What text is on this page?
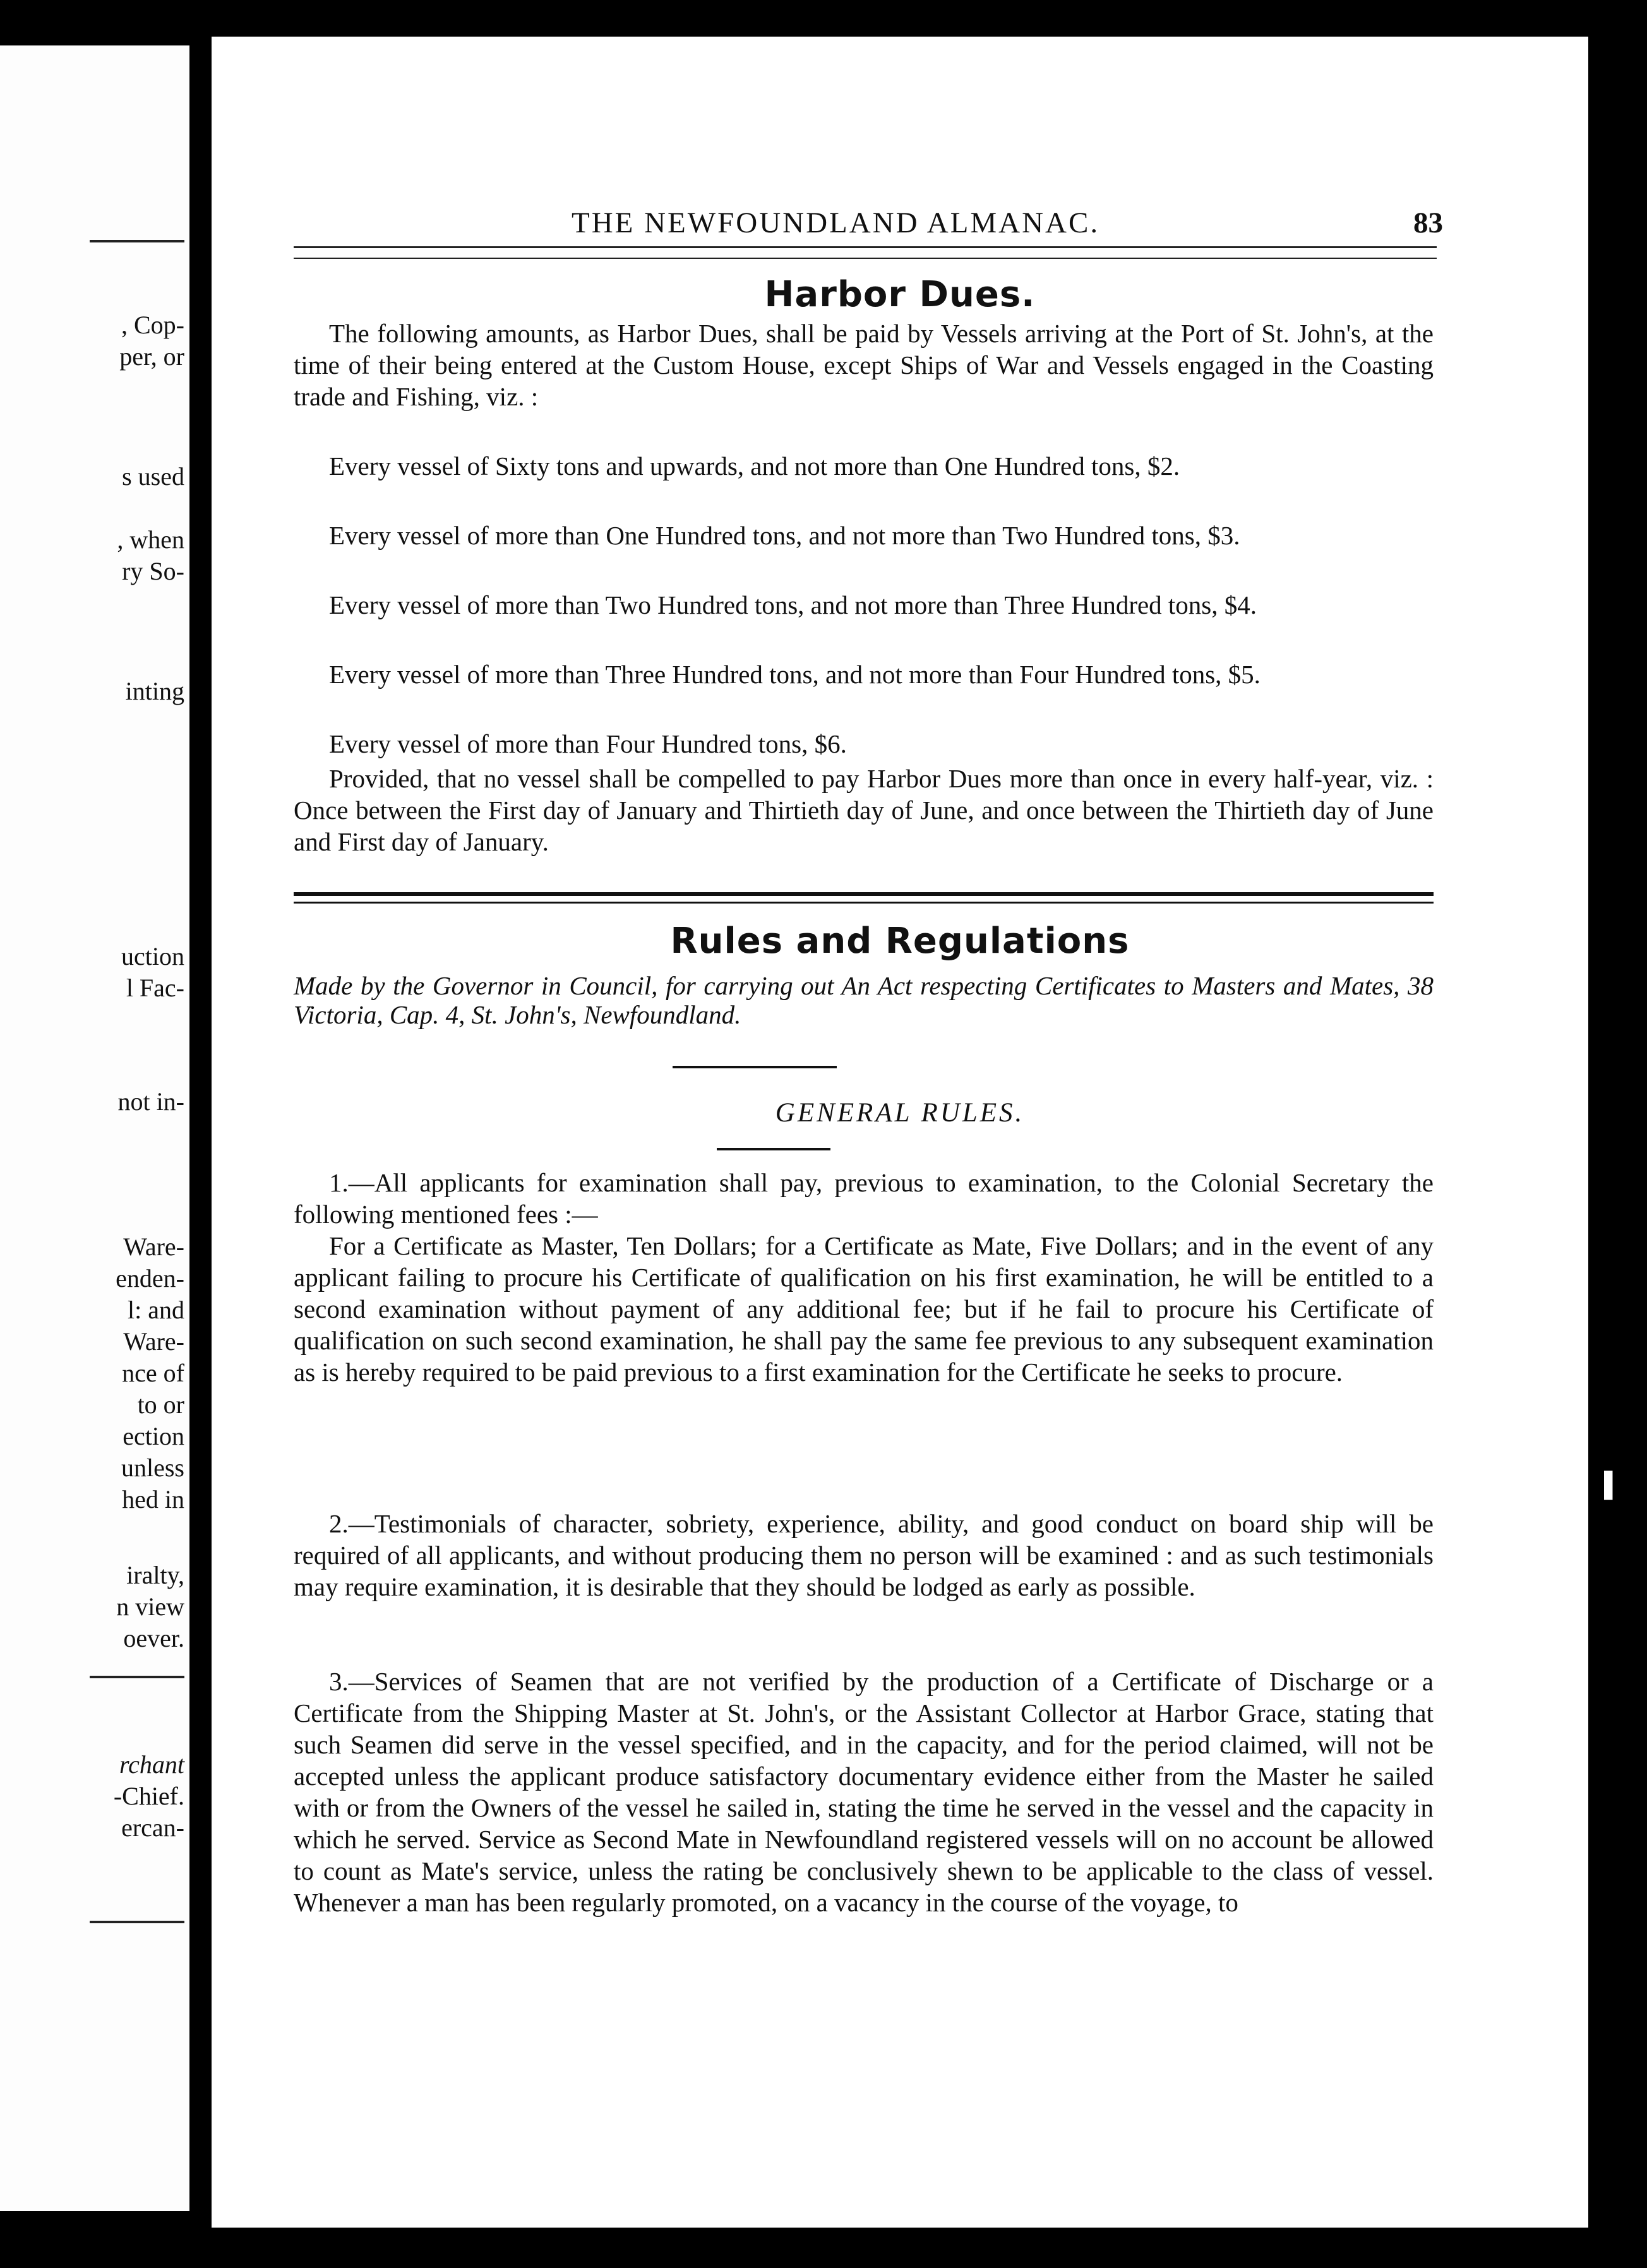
, Cop-
per, or
s used
, when
ry So-
inting
uction
l Fac-
not in-
Ware-
enden-
l: and
Ware-
nce of
to or
ection
unless
hed in
iralty,
n view
oever.
rchant
-Chief.
ercan-
THE NEWFOUNDLAND ALMANAC.	83
Harbor Dues.

The following amounts, as Harbor Dues, shall be paid by Vessels arriving at the Port of St. John's, at the time of their being entered at the Custom House, except Ships of War and Vessels engaged in the Coasting trade and Fishing, viz. :

Every vessel of Sixty tons and upwards, and not more than One Hundred tons, $2.

Every vessel of more than One Hundred tons, and not more than Two Hundred tons, $3.

Every vessel of more than Two Hundred tons, and not more than Three Hundred tons, $4.

Every vessel of more than Three Hundred tons, and not more than Four Hundred tons, $5.

Every vessel of more than Four Hundred tons, $6.

Provided, that no vessel shall be compelled to pay Harbor Dues more than once in every half-year, viz. : Once between the First day of January and Thirtieth day of June, and once between the Thirtieth day of June and First day of January.

Rules and Regulations

Made by the Governor in Council, for carrying out An Act respecting Certificates to Masters and Mates, 38 Victoria, Cap. 4, St. John's, Newfoundland.

GENERAL RULES.

1.—All applicants for examination shall pay, previous to examination, to the Colonial Secretary the following mentioned fees :—

For a Certificate as Master, Ten Dollars; for a Certificate as Mate, Five Dollars; and in the event of any applicant failing to procure his Certificate of qualification on his first examination, he will be entitled to a second examination without payment of any additional fee; but if he fail to procure his Certificate of qualification on such second examination, he shall pay the same fee previous to any subsequent examination as is hereby required to be paid previous to a first examination for the Certificate he seeks to procure.

2.—Testimonials of character, sobriety, experience, ability, and good conduct on board ship will be required of all applicants, and without producing them no person will be examined : and as such testimonials may require examination, it is desirable that they should be lodged as early as possible.

3.—Services of Seamen that are not verified by the production of a Certificate of Discharge or a Certificate from the Shipping Master at St. John's, or the Assistant Collector at Harbor Grace, stating that such Seamen did serve in the vessel specified, and in the capacity, and for the period claimed, will not be accepted unless the applicant produce satisfactory documentary evidence either from the Master he sailed with or from the Owners of the vessel he sailed in, stating the time he served in the vessel and the capacity in which he served. Service as Second Mate in Newfoundland registered vessels will on no account be allowed to count as Mate's service, unless the rating be conclusively shewn to be applicable to the class of vessel. Whenever a man has been regularly promoted, on a vacancy in the course of the voyage, to

▌
